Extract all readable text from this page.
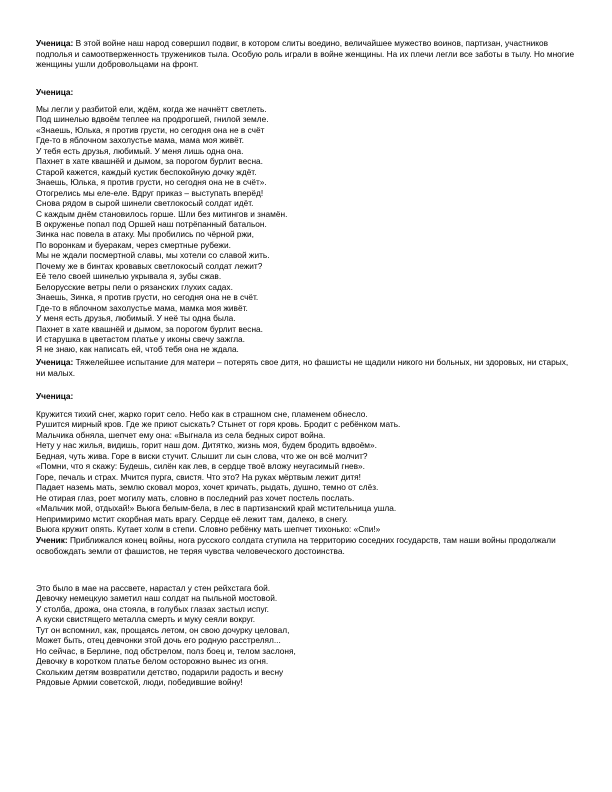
Ученица: В этой войне наш народ совершил подвиг, в котором слиты воедино, величайшее мужество воинов, партизан, участников подполья и самоотверженность тружеников тыла. Особую роль играли в войне женщины. На их плечи легли все заботы в тылу. Но многие женщины ушли добровольцами на фронт.

Ученица:

Мы легли у разбитой ели, ждём, когда же начнётт светлеть.
Под шинелью вдвоём теплее на продрогшей, гнилой земле.
«Знаешь, Юлька, я против грусти, но сегодня она не в счёт
Где-то в яблочном захолустье мама, мама моя живёт.
У тебя есть друзья, любимый. У меня лишь одна она.
Пахнет в хате квашнёй и дымом, за порогом бурлит весна.
Старой кажется, каждый кустик беспокойную дочку ждёт.
Знаешь, Юлька, я против грусти, но сегодня она не в счёт».
Отогрелись мы еле-еле. Вдруг приказ – выступать вперёд!
Снова рядом в сырой шинели светлокосый солдат идёт.
С каждым днём становилось горше. Шли без митингов и знамён.
В окруженье попал под Оршей наш потрёпанный батальон.
Зинка нас повела в атаку. Мы пробились по чёрной ржи,
По воронкам и буеракам, через смертные рубежи.
Мы не ждали посмертной славы, мы хотели со славой жить.
Почему же в бинтах кровавых светлокосый солдат лежит?
Её тело своей шинелью укрывала я, зубы сжав.
Белорусские ветры пели о рязанских глухих садах.
Знаешь, Зинка, я против грусти, но сегодня она не в счёт.
Где-то в яблочном захолустье мама, мамка моя живёт.
У меня есть друзья, любимый. У неё ты одна была.
Пахнет в хате квашнёй и дымом, за порогом бурлит весна.
И старушка в цветастом платье у иконы свечу зажгла.
Я не знаю, как написать ей, чтоб тебя она не ждала.

Ученица: Тяжелейшее испытание для матери – потерять свое дитя, но фашисты не щадили никого ни больных, ни здоровых, ни старых, ни малых.

Ученица:

Кружится тихий снег, жарко горит село. Небо как в страшном сне, пламенем обнесло.
Рушится мирный кров. Где же приют сыскать? Стынет от горя кровь. Бродит с ребёнком мать.
Мальчика обняла, шепчет ему она: «Выгнала из села бедных сирот война.
Нету у нас жилья, видишь, горит наш дом. Дитятко, жизнь моя, будем бродить вдвоём».
Бедная, чуть жива. Горе в виски стучит. Слышит ли сын слова, что же он всё молчит?
«Помни, что я скажу: Будешь, силён как лев, в сердце твоё вложу неугасимый гнев».
Горе, печаль и страх. Мчится пурга, свистя. Что это? На руках мёртвым лежит дитя!
Падает наземь мать, землю сковал мороз, хочет кричать, рыдать, душно, темно от слёз.
Не отирая глаз, роет могилу мать, словно в последний раз хочет постель послать.
«Мальчик мой, отдыхай!» Вьюга белым-бела, в лес в партизанский край мстительница ушла.
Непримиримо мстит скорбная мать врагу. Сердце её лежит там, далеко, в снегу.
Вьюга кружит опять. Кутает холм в степи. Словно ребёнку мать шепчет тихонько: «Спи!»

Ученик: Приближался конец войны, нога русского солдата ступила на территорию соседних государств, там наши войны продолжали освобождать земли от фашистов, не теряя чувства человеческого достоинства.

Это было в мае на рассвете, нарастал у стен рейхстага бой.
Девочку немецкую заметил наш солдат на пыльной мостовой.
У столба, дрожа, она стояла, в голубых глазах застыл испуг.
А куски свистящего металла смерть и муку сеяли вокруг.
Тут он вспомнил, как, прощаясь летом, он свою дочурку целовал,
Может быть, отец девчонки этой дочь его родную расстрелял...
Но сейчас, в Берлине, под обстрелом, полз боец и, телом заслоня,
Девочку в коротком платье белом осторожно вынес из огня.
Скольким детям возвратили детство, подарили радость и весну
Рядовые Армии советской, люди, победившие войну!
